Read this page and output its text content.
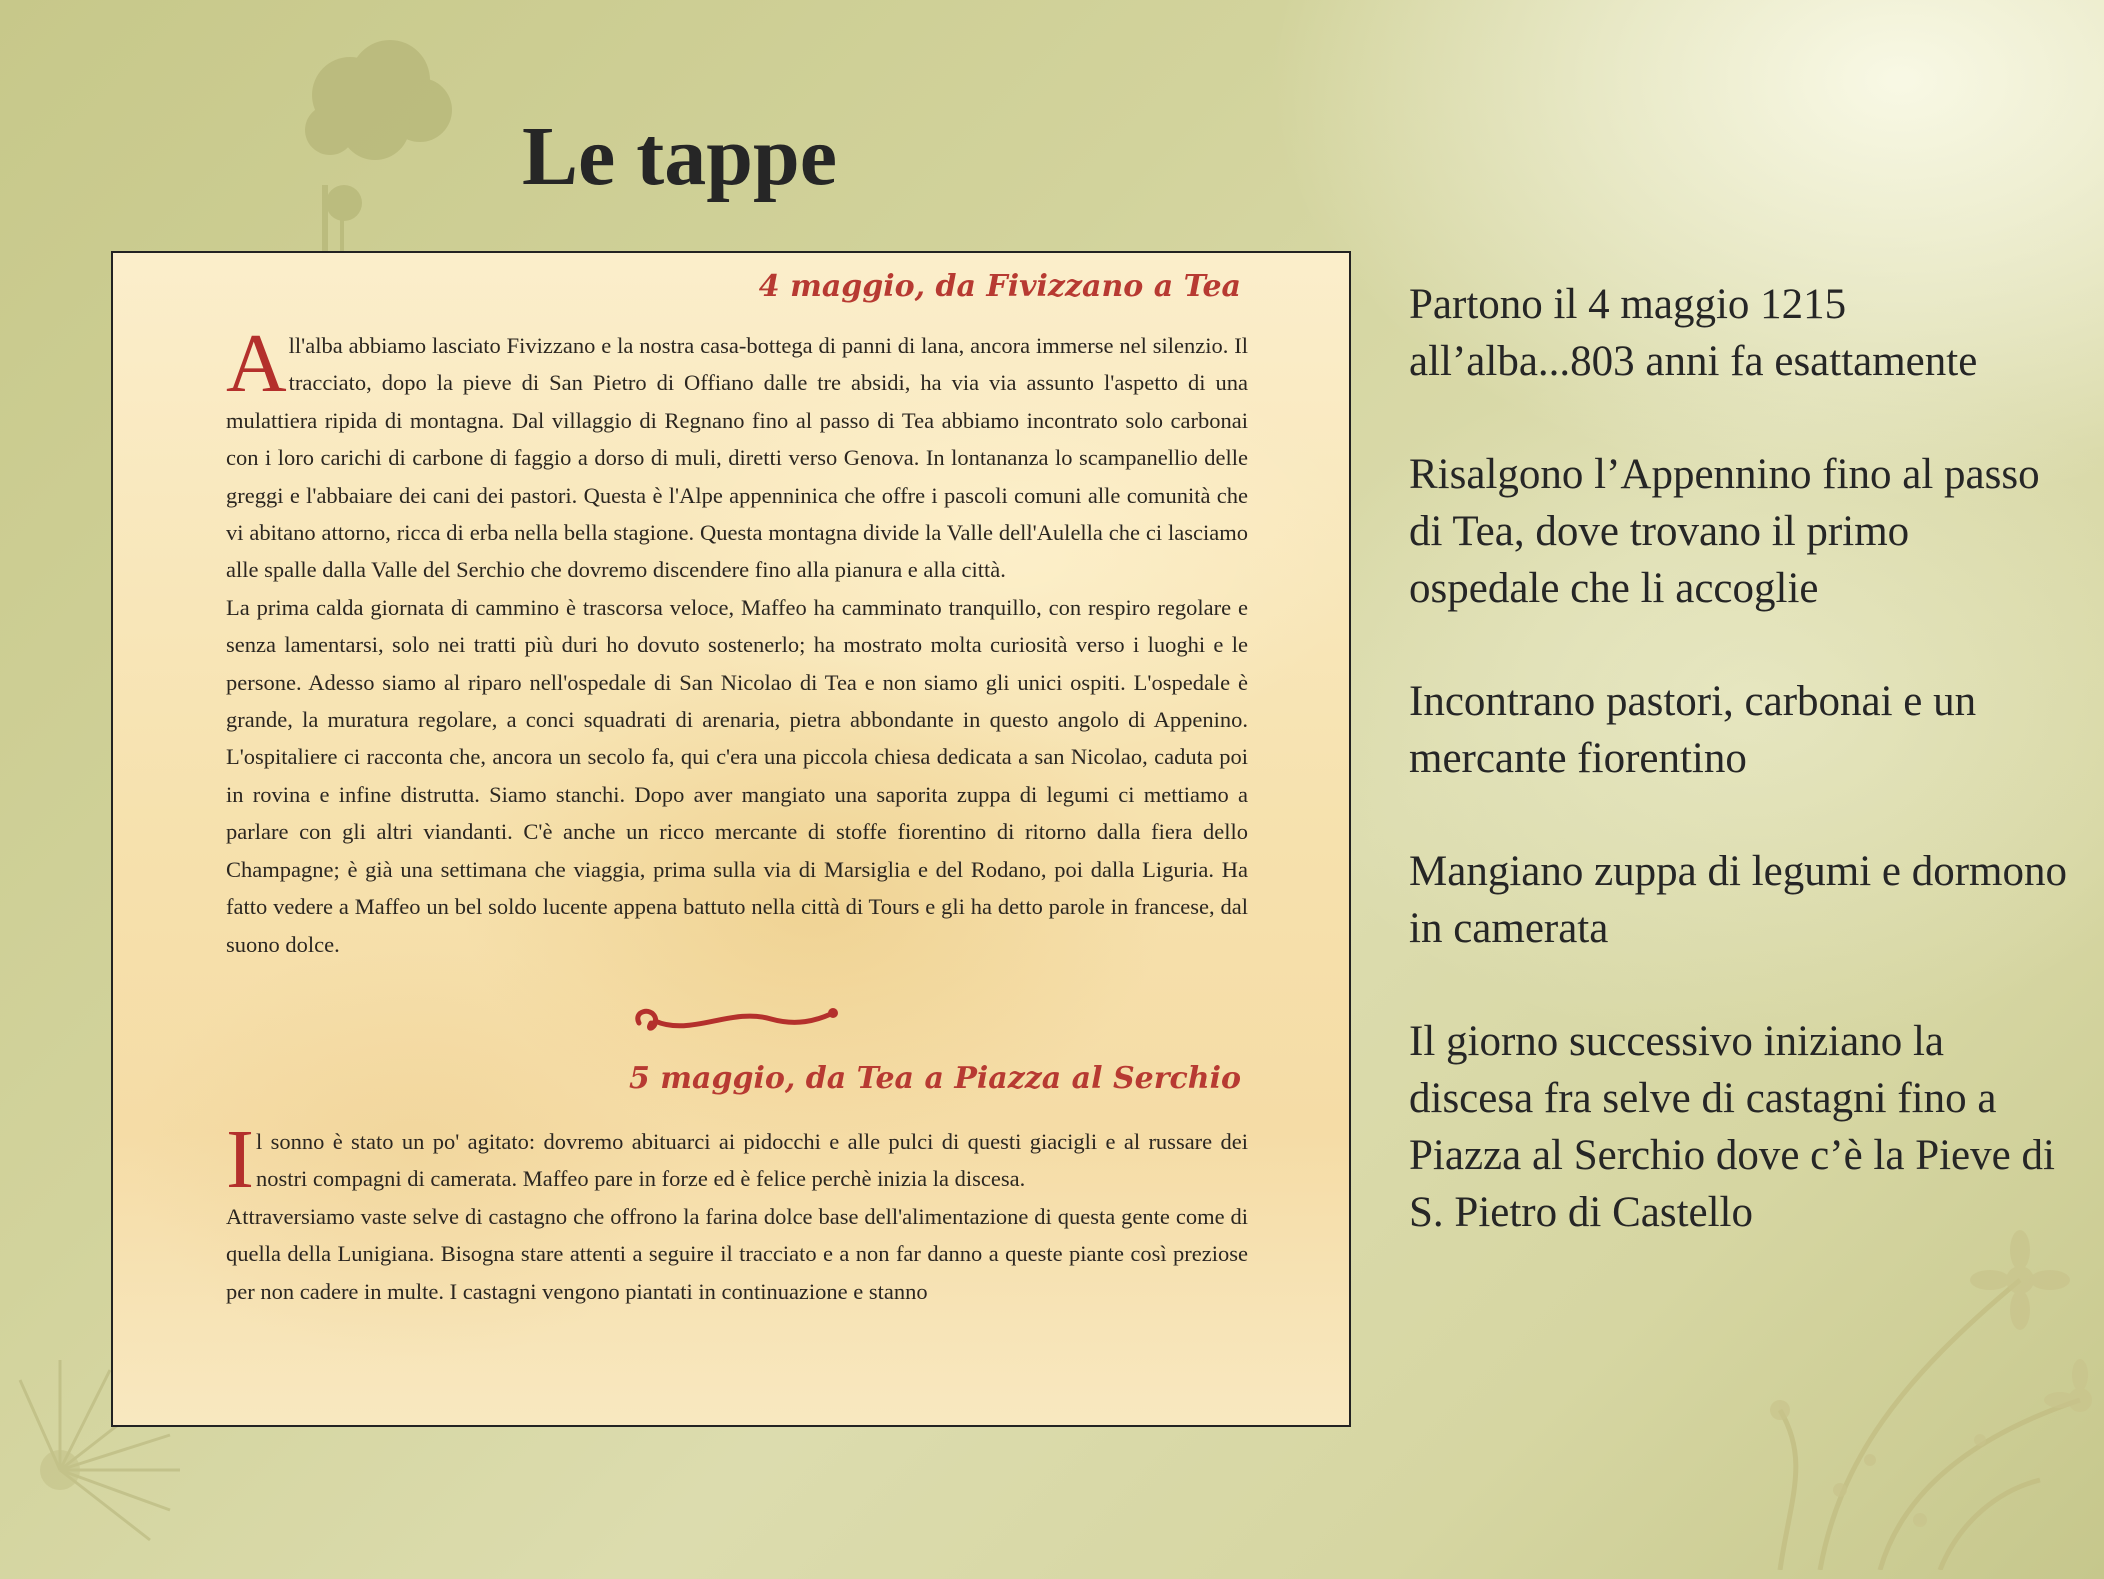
Le tappe
4 maggio, da Fivizzano a Tea

All'alba abbiamo lasciato Fivizzano e la nostra casa-bottega di panni di lana, ancora immerse nel silenzio. Il tracciato, dopo la pieve di San Pietro di Offiano dalle tre absidi, ha via via assunto l'aspetto di una mulattiera ripida di montagna. Dal villaggio di Regnano fino al passo di Tea abbiamo incontrato solo carbonai con i loro carichi di carbone di faggio a dorso di muli, diretti verso Genova. In lontananza lo scampanellio delle greggi e l'abbaiare dei cani dei pastori. Questa è l'Alpe appenninica che offre i pascoli comuni alle comunità che vi abitano attorno, ricca di erba nella bella stagione. Questa montagna divide la Valle dell'Aulella che ci lasciamo alle spalle dalla Valle del Serchio che dovremo discendere fino alla pianura e alla città.

La prima calda giornata di cammino è trascorsa veloce, Maffeo ha camminato tranquillo, con respiro regolare e senza lamentarsi, solo nei tratti più duri ho dovuto sostenerlo; ha mostrato molta curiosità verso i luoghi e le persone. Adesso siamo al riparo nell'ospedale di San Nicolao di Tea e non siamo gli unici ospiti. L'ospedale è grande, la muratura regolare, a conci squadrati di arenaria, pietra abbondante in questo angolo di Appenino. L'ospitaliere ci racconta che, ancora un secolo fa, qui c'era una piccola chiesa dedicata a san Nicolao, caduta poi in rovina e infine distrutta. Siamo stanchi. Dopo aver mangiato una saporita zuppa di legumi ci mettiamo a parlare con gli altri viandanti. C'è anche un ricco mercante di stoffe fiorentino di ritorno dalla fiera dello Champagne; è già una settimana che viaggia, prima sulla via di Marsiglia e del Rodano, poi dalla Liguria. Ha fatto vedere a Maffeo un bel soldo lucente appena battuto nella città di Tours e gli ha detto parole in francese, dal suono dolce.

5 maggio, da Tea a Piazza al Serchio

Il sonno è stato un po' agitato: dovremo abituarci ai pidocchi e alle pulci di questi giacigli e al russare dei nostri compagni di camerata. Maffeo pare in forze ed è felice perchè inizia la discesa.

Attraversiamo vaste selve di castagno che offrono la farina dolce base dell'alimentazione di questa gente come di quella della Lunigiana. Bisogna stare attenti a seguire il tracciato e a non far danno a queste piante così preziose per non cadere in multe. I castagni vengono piantati in continuazione e stanno

Partono il 4 maggio 1215 all’alba...803 anni fa esattamente

Risalgono l’Appennino fino al passo di Tea, dove trovano il primo ospedale che li accoglie

Incontrano pastori, carbonai e un mercante fiorentino

Mangiano zuppa di legumi e dormono in camerata

Il giorno successivo iniziano la discesa fra selve di castagni fino a Piazza al Serchio dove c’è la Pieve di S. Pietro di Castello
